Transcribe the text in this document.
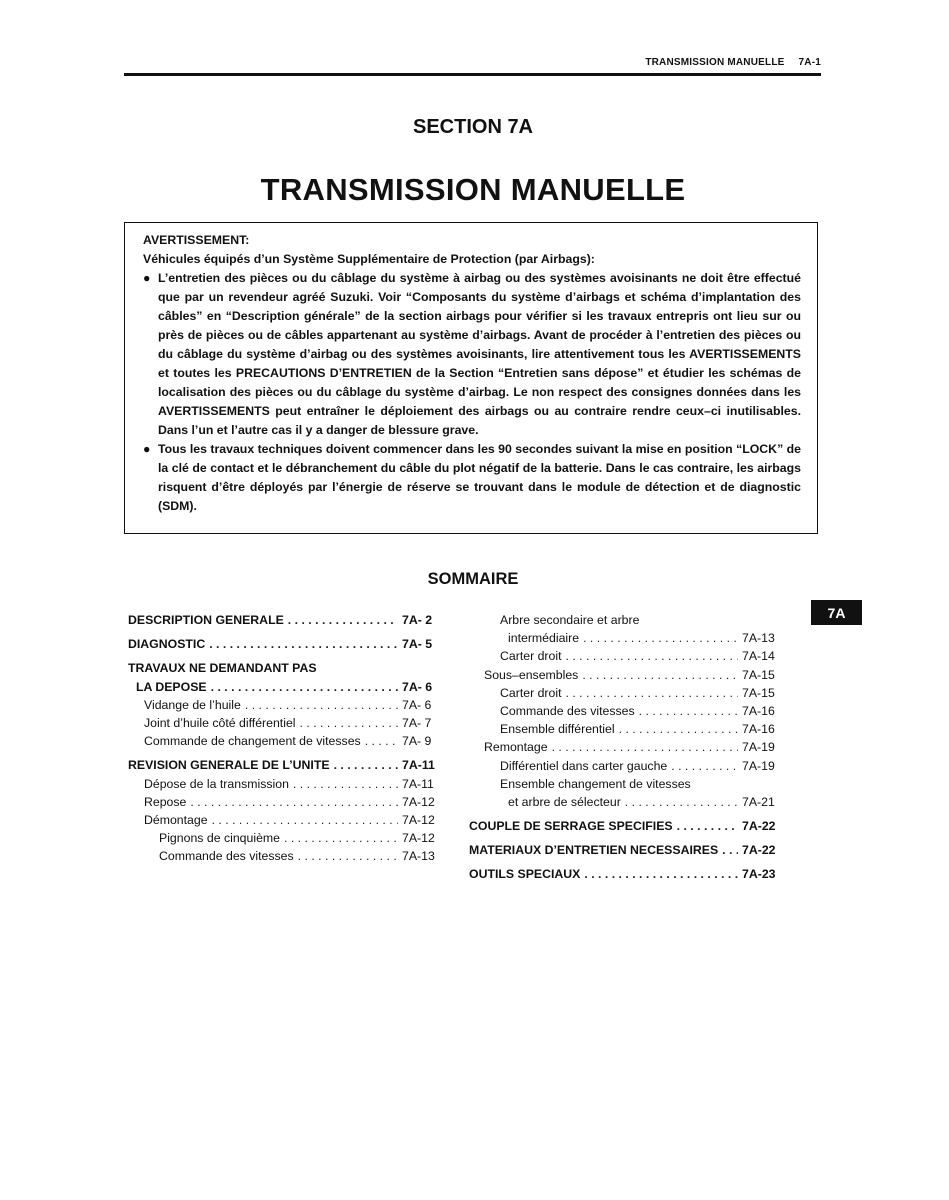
TRANSMISSION MANUELLE 7A-1
SECTION 7A
TRANSMISSION MANUELLE

AVERTISSEMENT:

Véhicules équipés d’un Système Supplémentaire de Protection (par Airbags):

● L’entretien des pièces ou du câblage du système à airbag ou des systèmes avoisinants ne doit être effectué que par un revendeur agréé Suzuki. Voir “Composants du système d’airbags et schéma d’implantation des câbles” en “Description générale” de la section airbags pour vérifier si les travaux entrepris ont lieu sur ou près de pièces ou de câbles appartenant au système d’airbags. Avant de procéder à l’entretien des pièces ou du câblage du système d’airbag ou des systèmes avoisinants, lire attentivement tous les AVERTISSEMENTS et toutes les PRECAUTIONS D’ENTRETIEN de la Section “Entretien sans dépose” et étudier les schémas de localisation des pièces ou du câblage du système d’airbag. Le non respect des consignes données dans les AVERTISSEMENTS peut entraîner le déploiement des airbags ou au contraire rendre ceux–ci inutilisables. Dans l’un et l’autre cas il y a danger de blessure grave.
● Tous les travaux techniques doivent commencer dans les 90 secondes suivant la mise en position “LOCK” de la clé de contact et le débranchement du câble du plot négatif de la batterie. Dans le cas contraire, les airbags risquent d’être déployés par l’énergie de réserve se trouvant dans le module de détection et de diagnostic (SDM).
SOMMAIRE
7A
DESCRIPTION GENERALE . . .	7A- 2
DIAGNOSTIC . . .	7A- 5
TRAVAUX NE DEMANDANT PAS
LA DEPOSE . . .	7A- 6
Vidange de l’huile . . .	7A- 6
Joint d’huile côté différentiel . . .	7A- 7
Commande de changement de vitesses . . .	7A- 9
REVISION GENERALE DE L’UNITE . . .	7A-11
Dépose de la transmission . . .	7A-11
Repose . . .	7A-12
Démontage . . .	7A-12
Pignons de cinquième . . .	7A-12
Commande des vitesses . . .	7A-13
Arbre secondaire et arbre
intermédiaire . . .	7A-13
Carter droit . . .	7A-14
Sous–ensembles . . .	7A-15
Carter droit . . .	7A-15
Commande des vitesses . . .	7A-16
Ensemble différentiel . . .	7A-16
Remontage . . .	7A-19
Différentiel dans carter gauche . . .	7A-19
Ensemble changement de vitesses
et arbre de sélecteur . . .	7A-21
COUPLE DE SERRAGE SPECIFIES . . .	7A-22
MATERIAUX D’ENTRETIEN NECESSAIRES . . . 7A-22
OUTILS SPECIAUX . . .	7A-23
